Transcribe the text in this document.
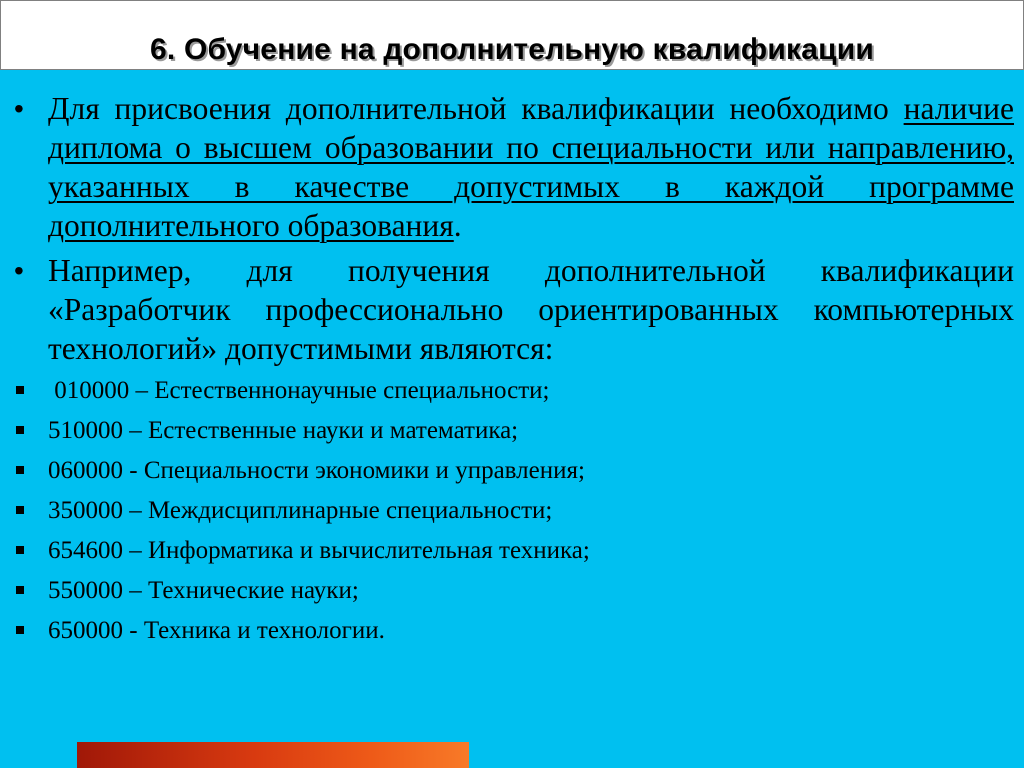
6. Обучение на дополнительную квалификации
• Для присвоения дополнительной квалификации необходимо наличие диплома о высшем образовании по специальности или направлению, указанных в качестве допустимых в каждой программе дополнительного образования.
• Например, для получения дополнительной квалификации «Разработчик профессионально ориентированных компьютерных технологий» допустимыми являются:
010000 – Естественнонаучные специальности;
510000 – Естественные науки и математика;
060000 - Специальности экономики и управления;
350000 – Междисциплинарные специальности;
654600 – Информатика и вычислительная техника;
550000 – Технические науки;
650000 - Техника и технологии.
